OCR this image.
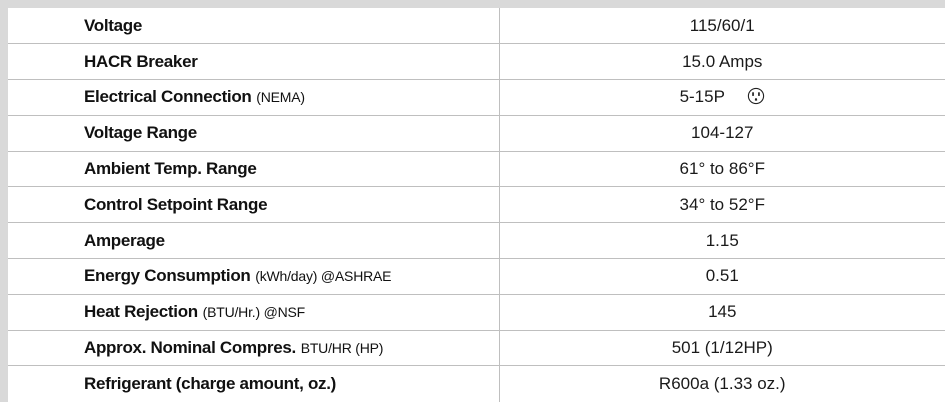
Voltage	115/60/1
HACR Breaker	15.0 Amps
Electrical Connection (NEMA)	5-15P
Voltage Range	104-127
Ambient Temp. Range	61° to 86°F
Control Setpoint Range	34° to 52°F
Amperage	1.15
Energy Consumption (kWh/day) @ASHRAE	0.51
Heat Rejection (BTU/Hr.) @NSF	145
Approx. Nominal Compres. BTU/HR (HP)	501 (1/12HP)
Refrigerant (charge amount, oz.)	R600a (1.33 oz.)
